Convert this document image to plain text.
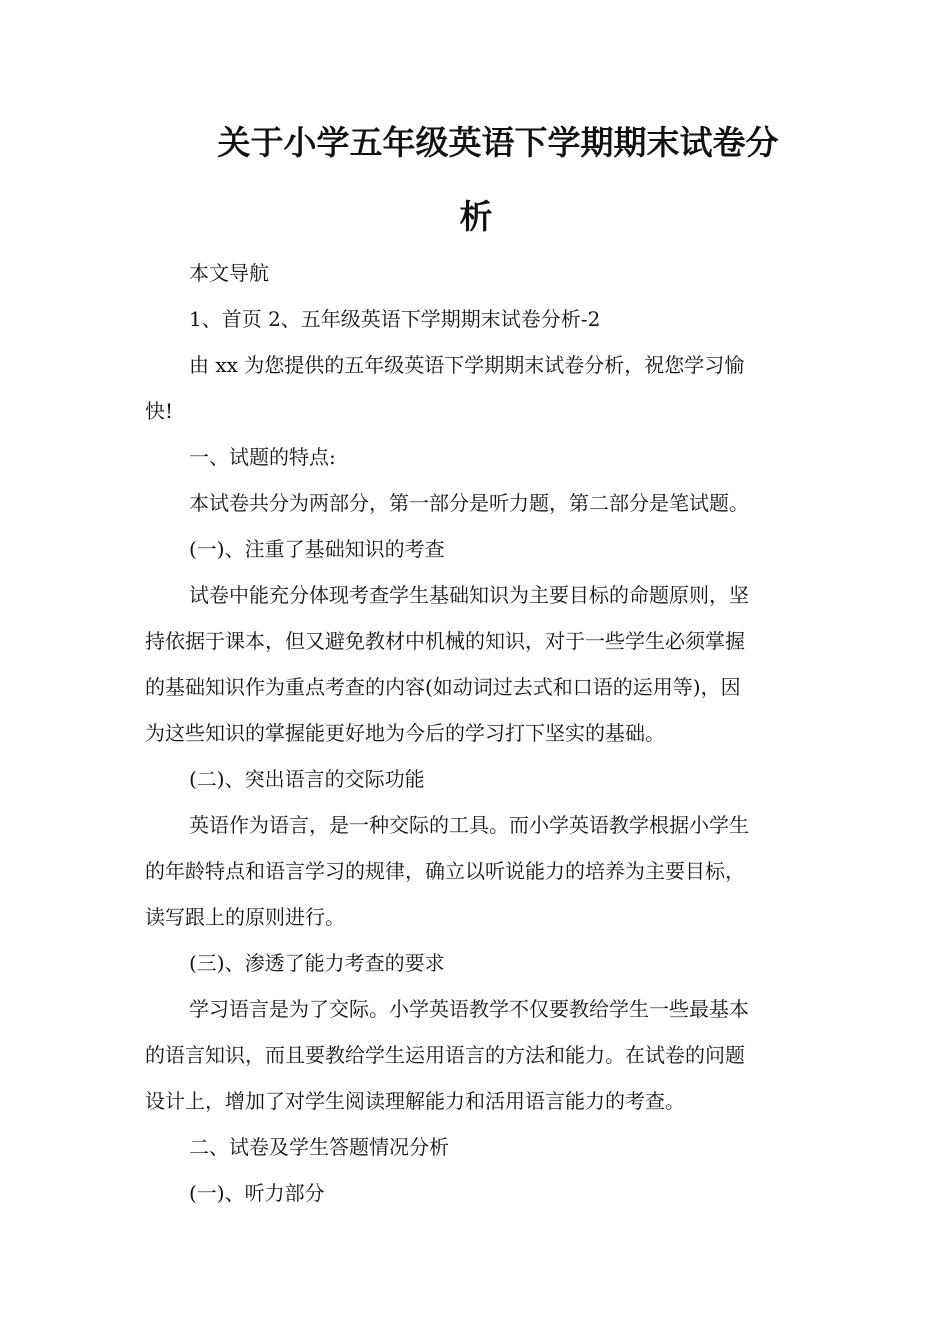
关于小学五年级英语下学期期末试卷分
析

本文导航

1、首页 2、五年级英语下学期期末试卷分析-2

由 xx 为您提供的五年级英语下学期期末试卷分析，祝您学习愉
快!

一、试题的特点:

本试卷共分为两部分，第一部分是听力题，第二部分是笔试题。

(一)、注重了基础知识的考查

试卷中能充分体现考查学生基础知识为主要目标的命题原则，坚
持依据于课本，但又避免教材中机械的知识，对于一些学生必须掌握
的基础知识作为重点考查的内容(如动词过去式和口语的运用等)，因
为这些知识的掌握能更好地为今后的学习打下坚实的基础。

(二)、突出语言的交际功能

英语作为语言，是一种交际的工具。而小学英语教学根据小学生
的年龄特点和语言学习的规律，确立以听说能力的培养为主要目标，
读写跟上的原则进行。

(三)、渗透了能力考查的要求

学习语言是为了交际。小学英语教学不仅要教给学生一些最基本
的语言知识，而且要教给学生运用语言的方法和能力。在试卷的问题
设计上，增加了对学生阅读理解能力和活用语言能力的考查。

二、试卷及学生答题情况分析

(一)、听力部分
